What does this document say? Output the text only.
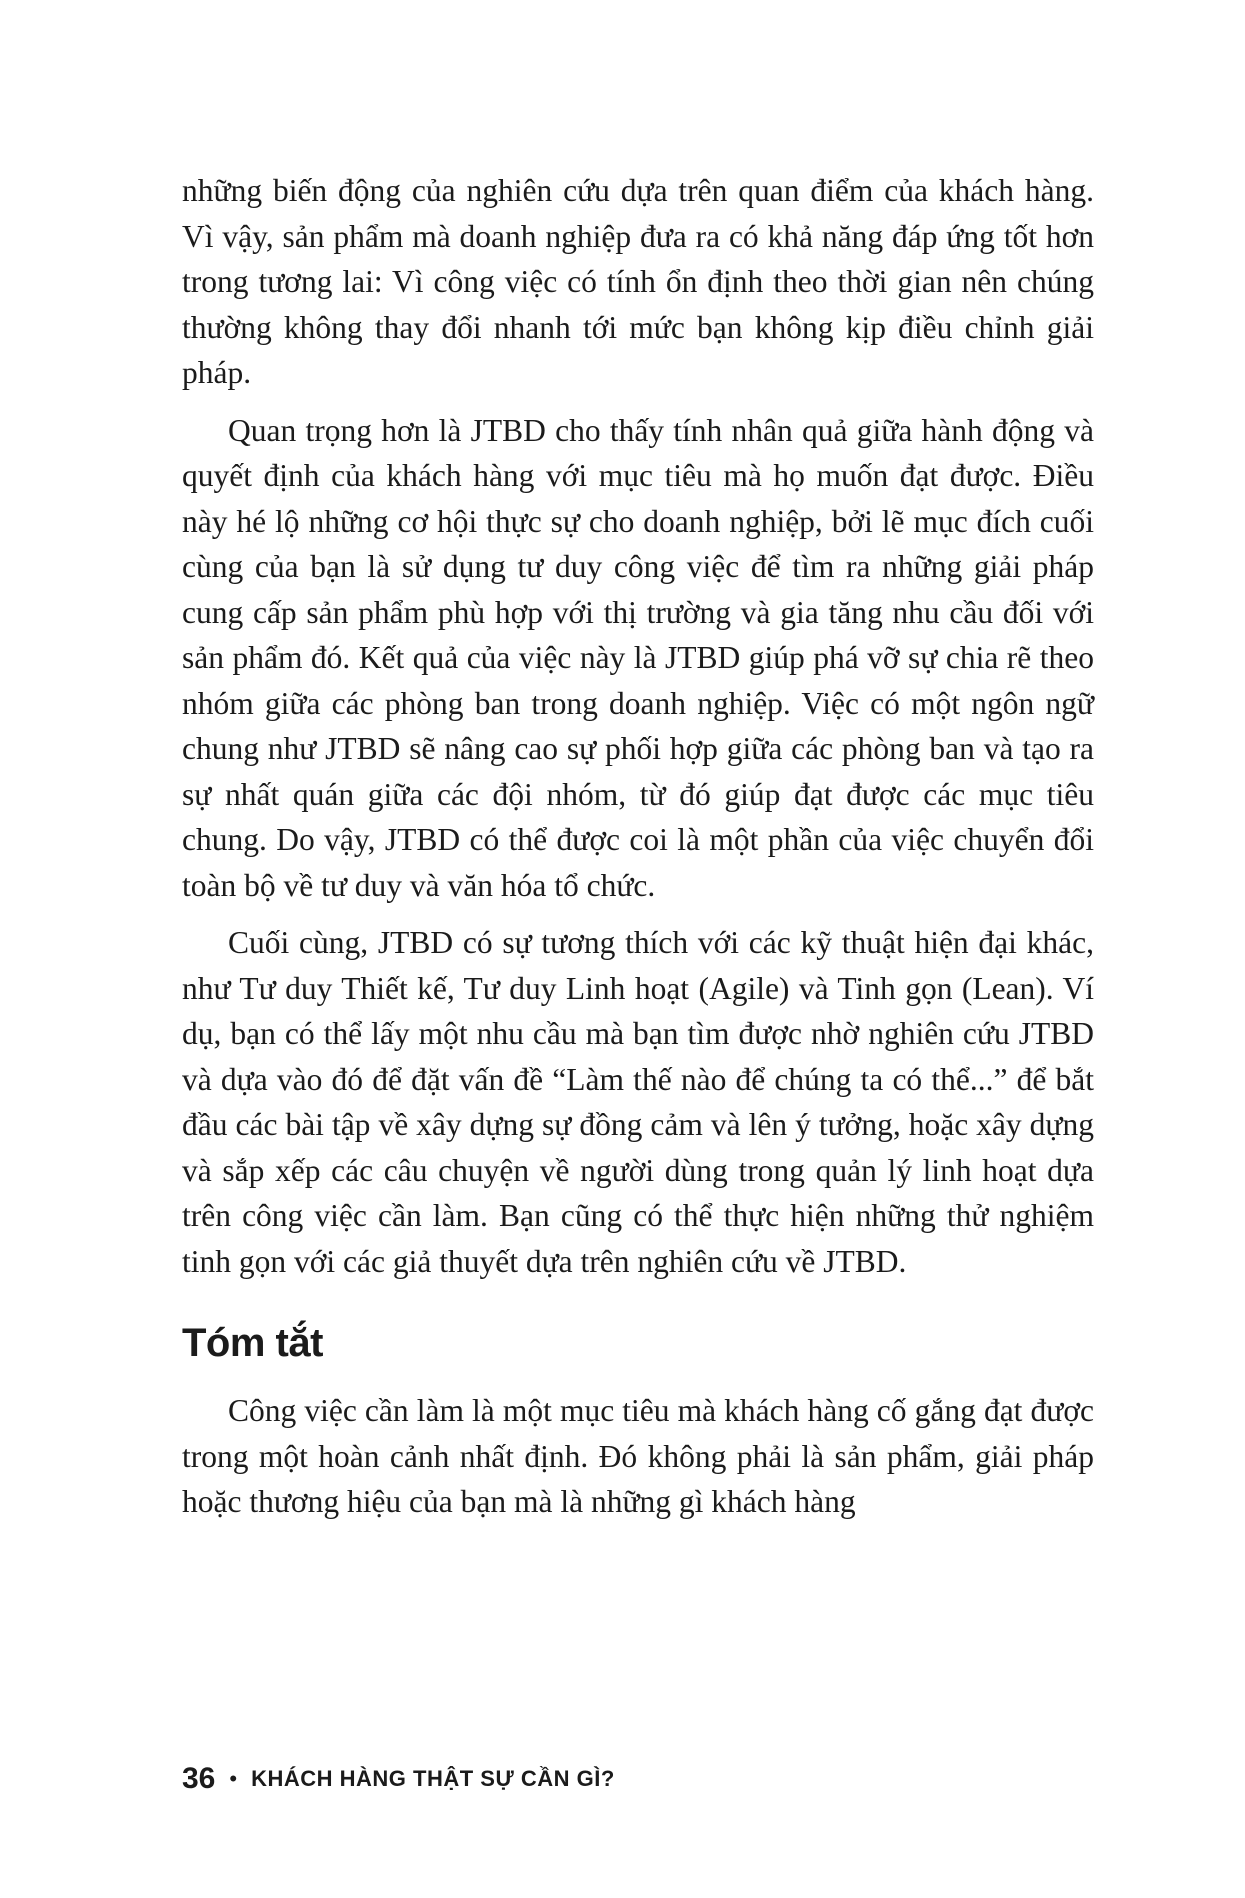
những biến động của nghiên cứu dựa trên quan điểm của khách hàng. Vì vậy, sản phẩm mà doanh nghiệp đưa ra có khả năng đáp ứng tốt hơn trong tương lai: Vì công việc có tính ổn định theo thời gian nên chúng thường không thay đổi nhanh tới mức bạn không kịp điều chỉnh giải pháp.

Quan trọng hơn là JTBD cho thấy tính nhân quả giữa hành động và quyết định của khách hàng với mục tiêu mà họ muốn đạt được. Điều này hé lộ những cơ hội thực sự cho doanh nghiệp, bởi lẽ mục đích cuối cùng của bạn là sử dụng tư duy công việc để tìm ra những giải pháp cung cấp sản phẩm phù hợp với thị trường và gia tăng nhu cầu đối với sản phẩm đó. Kết quả của việc này là JTBD giúp phá vỡ sự chia rẽ theo nhóm giữa các phòng ban trong doanh nghiệp. Việc có một ngôn ngữ chung như JTBD sẽ nâng cao sự phối hợp giữa các phòng ban và tạo ra sự nhất quán giữa các đội nhóm, từ đó giúp đạt được các mục tiêu chung. Do vậy, JTBD có thể được coi là một phần của việc chuyển đổi toàn bộ về tư duy và văn hóa tổ chức.

Cuối cùng, JTBD có sự tương thích với các kỹ thuật hiện đại khác, như Tư duy Thiết kế, Tư duy Linh hoạt (Agile) và Tinh gọn (Lean). Ví dụ, bạn có thể lấy một nhu cầu mà bạn tìm được nhờ nghiên cứu JTBD và dựa vào đó để đặt vấn đề “Làm thế nào để chúng ta có thể...” để bắt đầu các bài tập về xây dựng sự đồng cảm và lên ý tưởng, hoặc xây dựng và sắp xếp các câu chuyện về người dùng trong quản lý linh hoạt dựa trên công việc cần làm. Bạn cũng có thể thực hiện những thử nghiệm tinh gọn với các giả thuyết dựa trên nghiên cứu về JTBD.

Tóm tắt

Công việc cần làm là một mục tiêu mà khách hàng cố gắng đạt được trong một hoàn cảnh nhất định. Đó không phải là sản phẩm, giải pháp hoặc thương hiệu của bạn mà là những gì khách hàng

36 • KHÁCH HÀNG THẬT SỰ CẦN GÌ?
